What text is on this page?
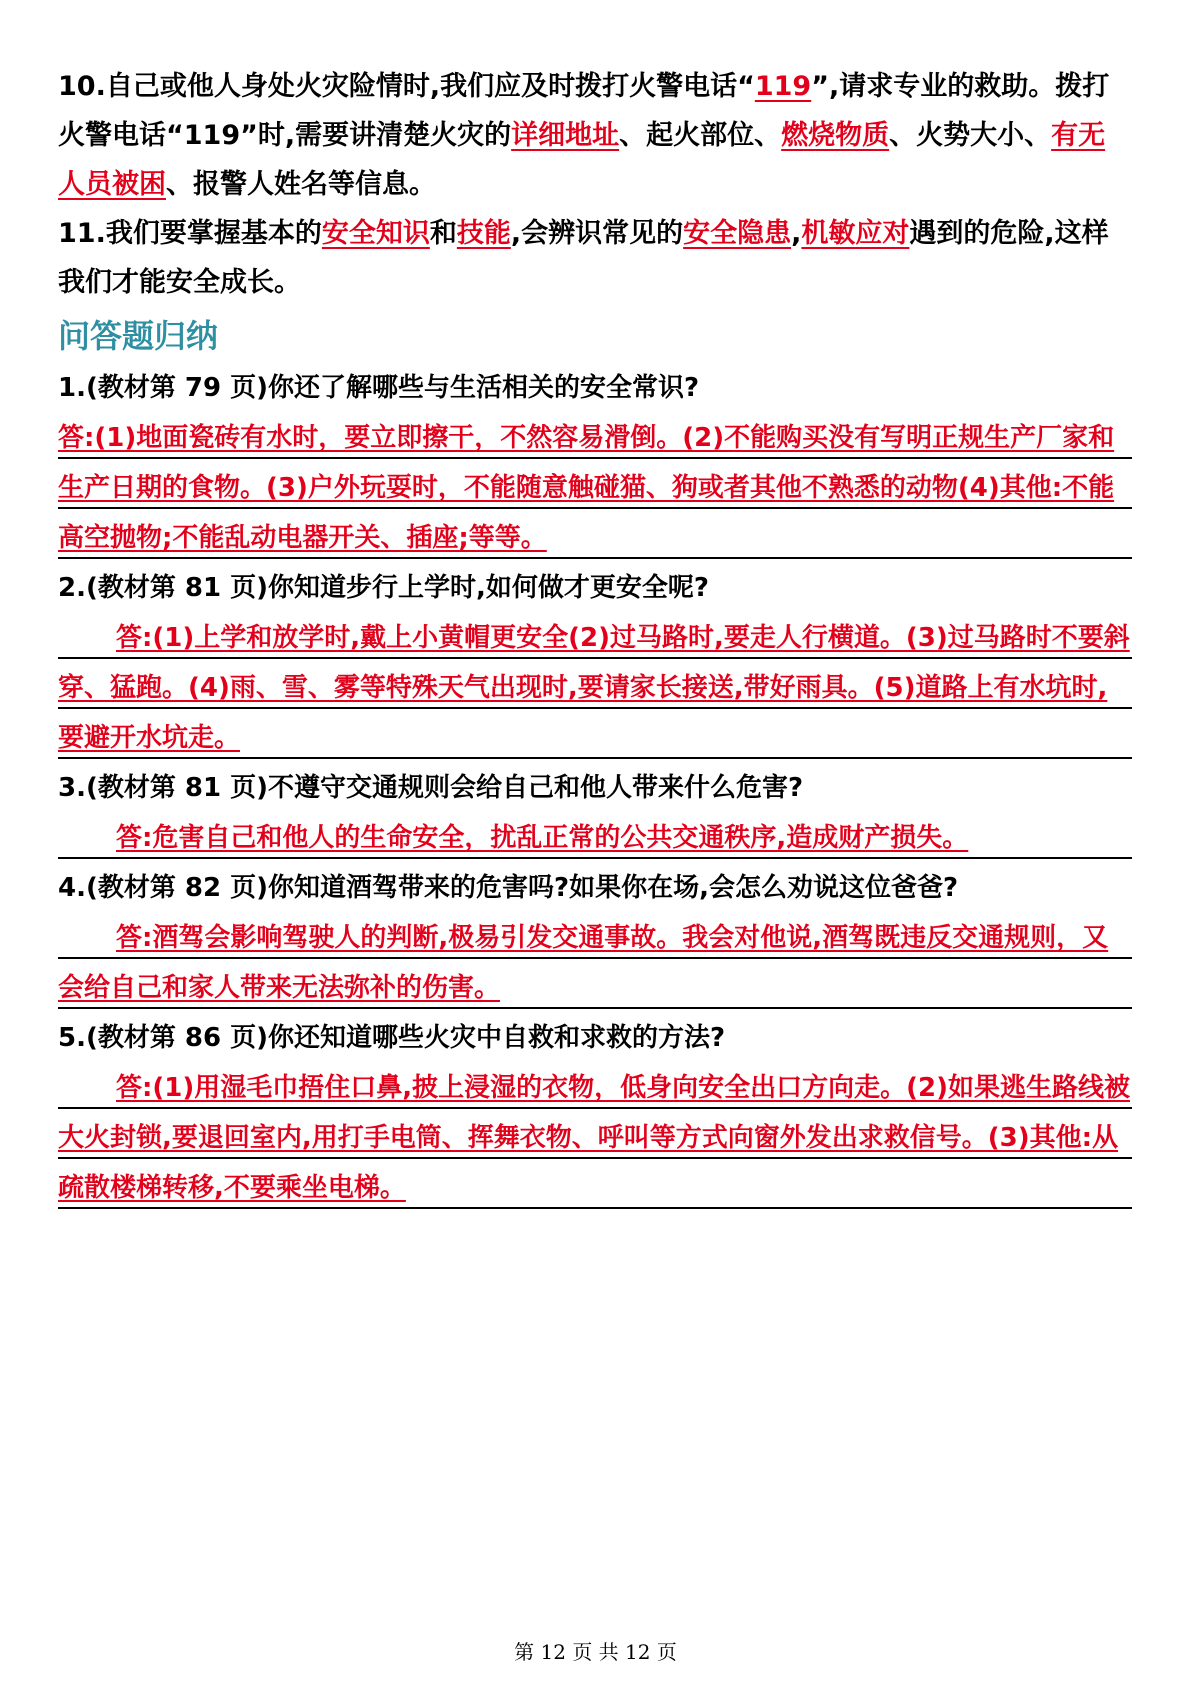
10.自己或他人身处火灾险情时,我们应及时拨打火警电话“119”,请求专业的救助。拨打火警电话“119”时,需要讲清楚火灾的详细地址、起火部位、燃烧物质、火势大小、有无人员被困、报警人姓名等信息。

11.我们要掌握基本的安全知识和技能,会辨识常见的安全隐患,机敏应对遇到的危险,这样我们才能安全成长。

问答题归纳

1.(教材第 79 页)你还了解哪些与生活相关的安全常识?

答:(1)地面瓷砖有水时，要立即擦干，不然容易滑倒。(2)不能购买没有写明正规生产厂家和生产日期的食物。(3)户外玩耍时，不能随意触碰猫、狗或者其他不熟悉的动物(4)其他:不能高空抛物;不能乱动电器开关、插座;等等。

2.(教材第 81 页)你知道步行上学时,如何做才更安全呢?

答:(1)上学和放学时,戴上小黄帽更安全(2)过马路时,要走人行横道。(3)过马路时不要斜穿、猛跑。(4)雨、雪、雾等特殊天气出现时,要请家长接送,带好雨具。(5)道路上有水坑时,要避开水坑走。

3.(教材第 81 页)不遵守交通规则会给自己和他人带来什么危害?

答:危害自己和他人的生命安全，扰乱正常的公共交通秩序,造成财产损失。

4.(教材第 82 页)你知道酒驾带来的危害吗?如果你在场,会怎么劝说这位爸爸?

答:酒驾会影响驾驶人的判断,极易引发交通事故。我会对他说,酒驾既违反交通规则，又会给自己和家人带来无法弥补的伤害。

5.(教材第 86 页)你还知道哪些火灾中自救和求救的方法?

答:(1)用湿毛巾捂住口鼻,披上浸湿的衣物，低身向安全出口方向走。(2)如果逃生路线被大火封锁,要退回室内,用打手电筒、挥舞衣物、呼叫等方式向窗外发出求救信号。(3)其他:从疏散楼梯转移,不要乘坐电梯。

第 12 页 共 12 页
